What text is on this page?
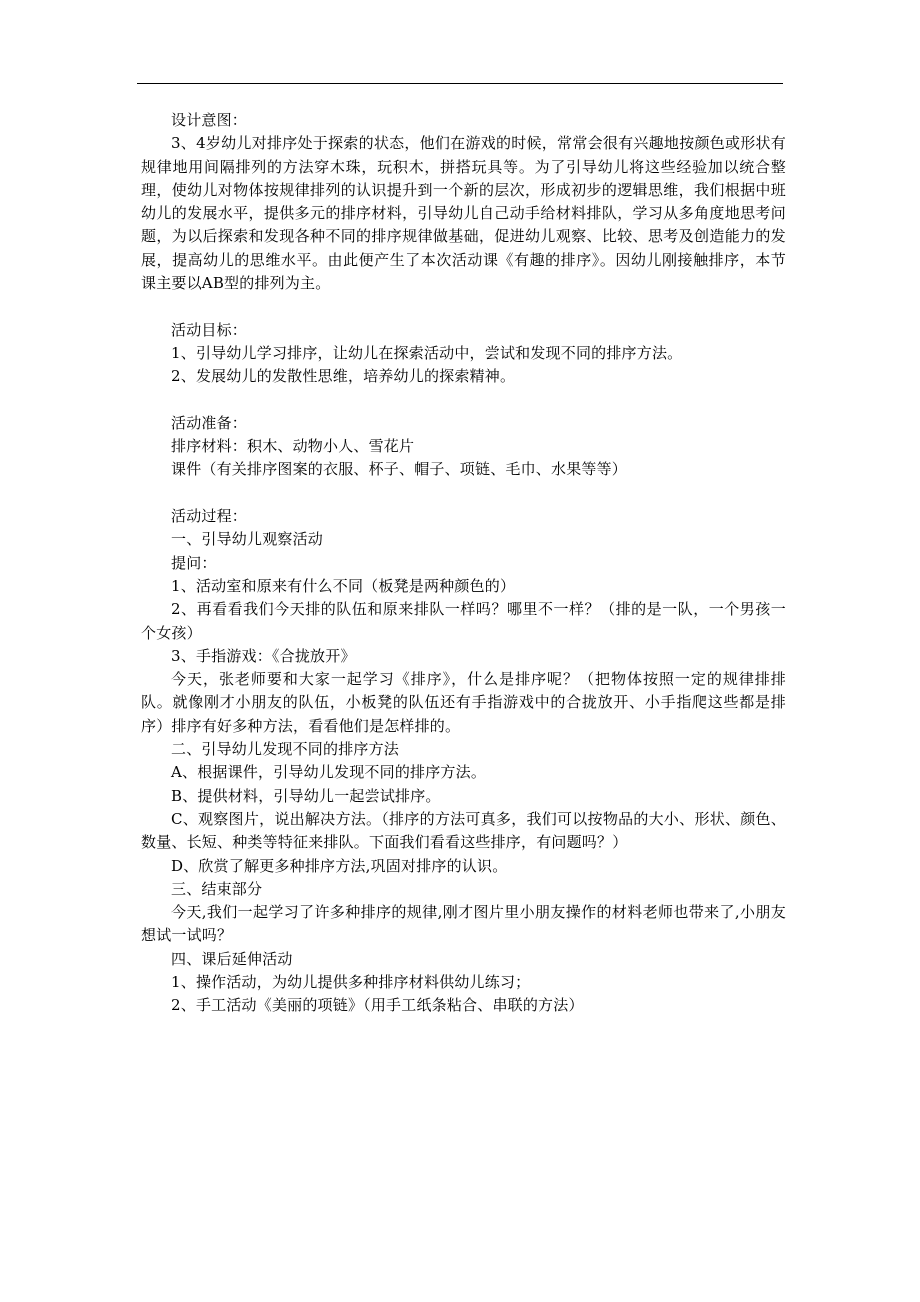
设计意图：

3、4岁幼儿对排序处于探索的状态，他们在游戏的时候，常常会很有兴趣地按颜色或形状有规律地用间隔排列的方法穿木珠，玩积木，拼搭玩具等。为了引导幼儿将这些经验加以统合整理，使幼儿对物体按规律排列的认识提升到一个新的层次，形成初步的逻辑思维，我们根据中班幼儿的发展水平，提供多元的排序材料，引导幼儿自己动手给材料排队，学习从多角度地思考问题，为以后探索和发现各种不同的排序规律做基础，促进幼儿观察、比较、思考及创造能力的发展，提高幼儿的思维水平。由此便产生了本次活动课《有趣的排序》。因幼儿刚接触排序，本节课主要以AB型的排列为主。

活动目标：

1、引导幼儿学习排序，让幼儿在探索活动中，尝试和发现不同的排序方法。

2、发展幼儿的发散性思维，培养幼儿的探索精神。

活动准备：

排序材料：积木、动物小人、雪花片

课件（有关排序图案的衣服、杯子、帽子、项链、毛巾、水果等等）

活动过程：

一、引导幼儿观察活动

提问：

1、活动室和原来有什么不同（板凳是两种颜色的）

2、再看看我们今天排的队伍和原来排队一样吗？哪里不一样？（排的是一队，一个男孩一个女孩）

3、手指游戏：《合拢放开》

今天，张老师要和大家一起学习《排序》，什么是排序呢？（把物体按照一定的规律排排队。就像刚才小朋友的队伍，小板凳的队伍还有手指游戏中的合拢放开、小手指爬这些都是排序）排序有好多种方法，看看他们是怎样排的。

二、引导幼儿发现不同的排序方法

A、根据课件，引导幼儿发现不同的排序方法。

B、提供材料，引导幼儿一起尝试排序。

C、观察图片，说出解决方法。（排序的方法可真多，我们可以按物品的大小、形状、颜色、数量、长短、种类等特征来排队。下面我们看看这些排序，有问题吗？）

D、欣赏了解更多种排序方法,巩固对排序的认识。

三、结束部分

今天,我们一起学习了许多种排序的规律,刚才图片里小朋友操作的材料老师也带来了,小朋友想试一试吗？

四、课后延伸活动

1、操作活动，为幼儿提供多种排序材料供幼儿练习；

2、手工活动《美丽的项链》（用手工纸条粘合、串联的方法）
